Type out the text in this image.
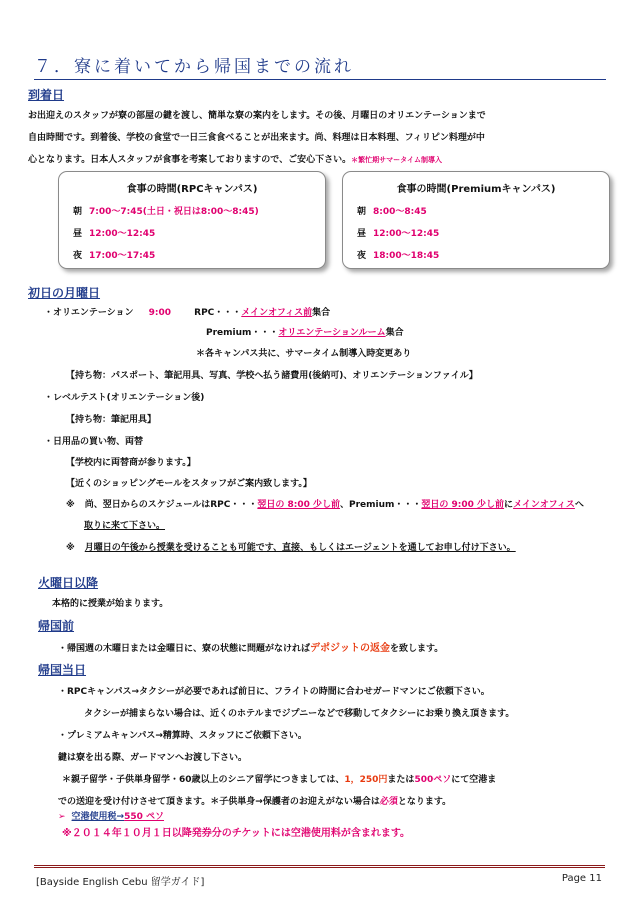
７．寮に着いてから帰国までの流れ
到着日
お出迎えのスタッフが寮の部屋の鍵を渡し、簡単な寮の案内をします。その後、月曜日のオリエンテーションまで
自由時間です。到着後、学校の食堂で一日三食食べることが出来ます。尚、料理は日本料理、フィリピン料理が中
心となります。日本人スタッフが食事を考案しておりますので、ご安心下さい。＊繁忙期サマータイム制導入
食事の時間(RPCキャンパス)
朝 7:00〜7:45(土日・祝日は8:00〜8:45)
昼 12:00〜12:45
夜 17:00〜17:45
食事の時間(Premiumキャンパス)
朝 8:00〜8:45
昼 12:00〜12:45
夜 18:00〜18:45
初日の月曜日
・オリエンテーション 9:00	RPC・・・メインオフィス前集合
Premium・・・オリエンテーションルーム集合
＊各キャンパス共に、サマータイム制導入時変更あり
【持ち物：パスポート、筆記用具、写真、学校へ払う諸費用(後納可)、オリエンテーションファイル】
・レベルテスト(オリエンテーション後)
【持ち物：筆記用具】
・日用品の買い物、両替
【学校内に両替商が参ります。】
【近くのショッピングモールをスタッフがご案内致します。】
※ 尚、翌日からのスケジュールはRPC・・・翌日の 8:00 少し前、Premium・・・翌日の 9:00 少し前にメインオフィスへ
取りに来て下さい。
※ 月曜日の午後から授業を受けることも可能です、直接、もしくはエージェントを通してお申し付け下さい。
火曜日以降
本格的に授業が始まります。
帰国前
・帰国週の木曜日または金曜日に、寮の状態に問題がなければデポジットの返金を致します。
帰国当日
・RPCキャンパス→タクシーが必要であれば前日に、フライトの時間に合わせガードマンにご依頼下さい。
タクシーが捕まらない場合は、近くのホテルまでジプニーなどで移動してタクシーにお乗り換え頂きます。
・プレミアムキャンパス→精算時、スタッフにご依頼下さい。
鍵は寮を出る際、ガードマンへお渡し下さい。
＊親子留学・子供単身留学・60歳以上のシニア留学につきましては、1，250円または500ペソにて空港ま
での送迎を受け付けさせて頂きます。＊子供単身→保護者のお迎えがない場合は必須となります。
➢ 空港使用税→550 ペソ
※２０１４年１０月１日以降発券分のチケットには空港使用料が含まれます。
[Bayside English Cebu 留学ガイド]	Page 11
